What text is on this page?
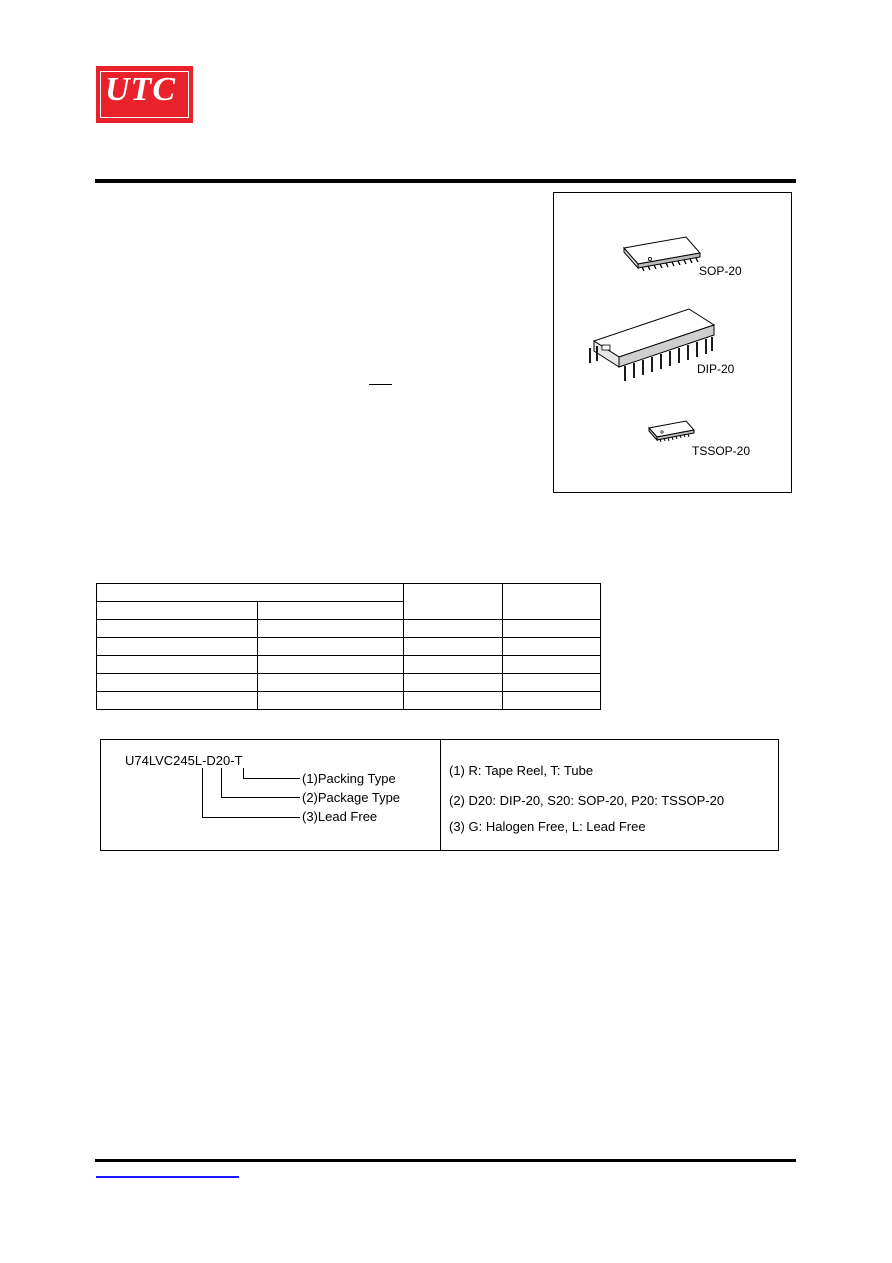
UTC
SOP-20
DIP-20
TSSOP-20

U74LVC245L-D20-T
(1)Packing Type
(2)Package Type
(3)Lead Free
(1) R: Tape Reel, T: Tube
(2) D20: DIP-20, S20: SOP-20, P20: TSSOP-20
(3) G: Halogen Free, L: Lead Free
